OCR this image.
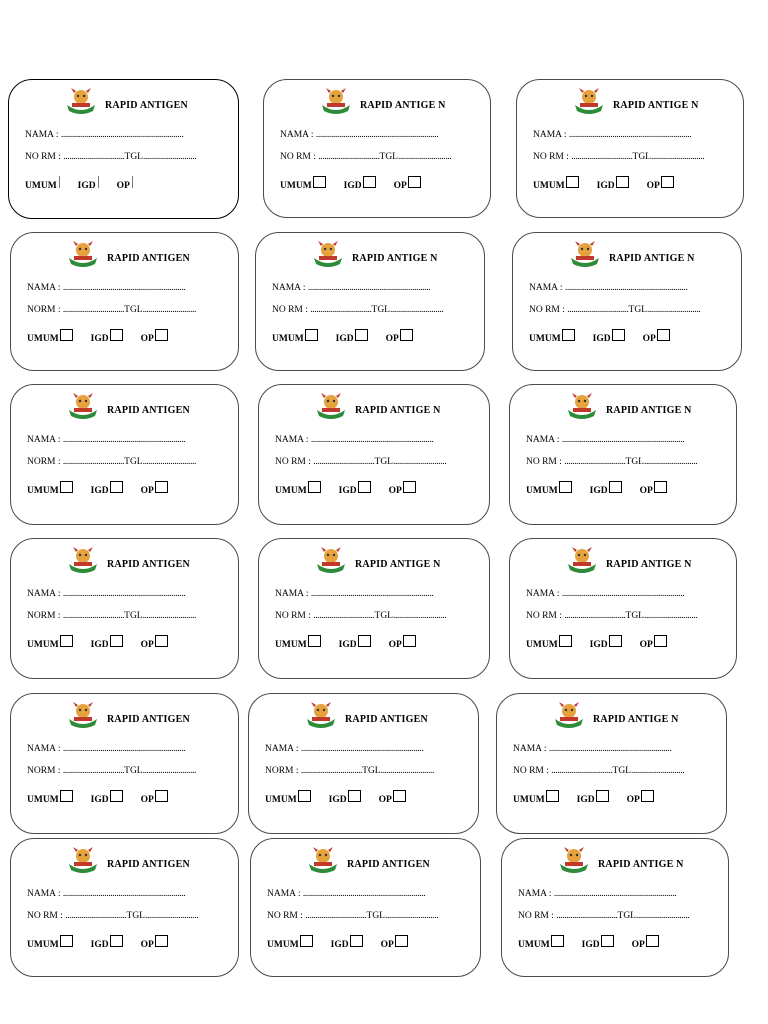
RAPID ANTIGEN
NAMA : ..............................................................
NO RM : ...............................TGL...........................
UMUM IGD OP
RAPID ANTIGE N
NAMA : ..............................................................
NO RM : ...............................TGL...........................
UMUM	IGD	OP
RAPID ANTIGE N
NAMA : ..............................................................
NO RM : ...............................TGL...........................
UMUM	IGD	OP
RAPID ANTIGEN
NAMA : ..............................................................
NORM : ...............................TGL...........................
UMUM	IGD	OP
RAPID ANTIGE N
NAMA : ..............................................................
NO RM : ...............................TGL...........................
UMUM	IGD	OP
RAPID ANTIGE N
NAMA : ..............................................................
NO RM : ...............................TGL...........................
UMUM	IGD	OP
RAPID ANTIGEN
NAMA : ..............................................................
NORM : ...............................TGL...........................
UMUM	IGD	OP
RAPID ANTIGE N
NAMA : ..............................................................
NO RM : ...............................TGL...........................
UMUM	IGD	OP
RAPID ANTIGE N
NAMA : ..............................................................
NO RM : ...............................TGL...........................
UMUM	IGD	OP
RAPID ANTIGEN
NAMA : ..............................................................
NORM : ...............................TGL...........................
UMUM	IGD	OP
RAPID ANTIGE N
NAMA : ..............................................................
NO RM : ...............................TGL...........................
UMUM	IGD	OP
RAPID ANTIGE N
NAMA : ..............................................................
NO RM : ...............................TGL...........................
UMUM	IGD	OP
RAPID ANTIGEN
NAMA : ..............................................................
NORM : ...............................TGL...........................
UMUM	IGD	OP
RAPID ANTIGEN
NAMA : ..............................................................
NORM : ...............................TGL...........................
UMUM	IGD	OP
RAPID ANTIGE N
NAMA : ..............................................................
NO RM : ...............................TGL...........................
UMUM	IGD	OP
RAPID ANTIGEN
NAMA : ..............................................................
NO RM : ...............................TGL...........................
UMUM	IGD	OP
RAPID ANTIGEN
NAMA : ..............................................................
NO RM : ...............................TGL...........................
UMUM	IGD	OP
RAPID ANTIGE N
NAMA : ..............................................................
NO RM : ...............................TGL...........................
UMUM	IGD	OP
